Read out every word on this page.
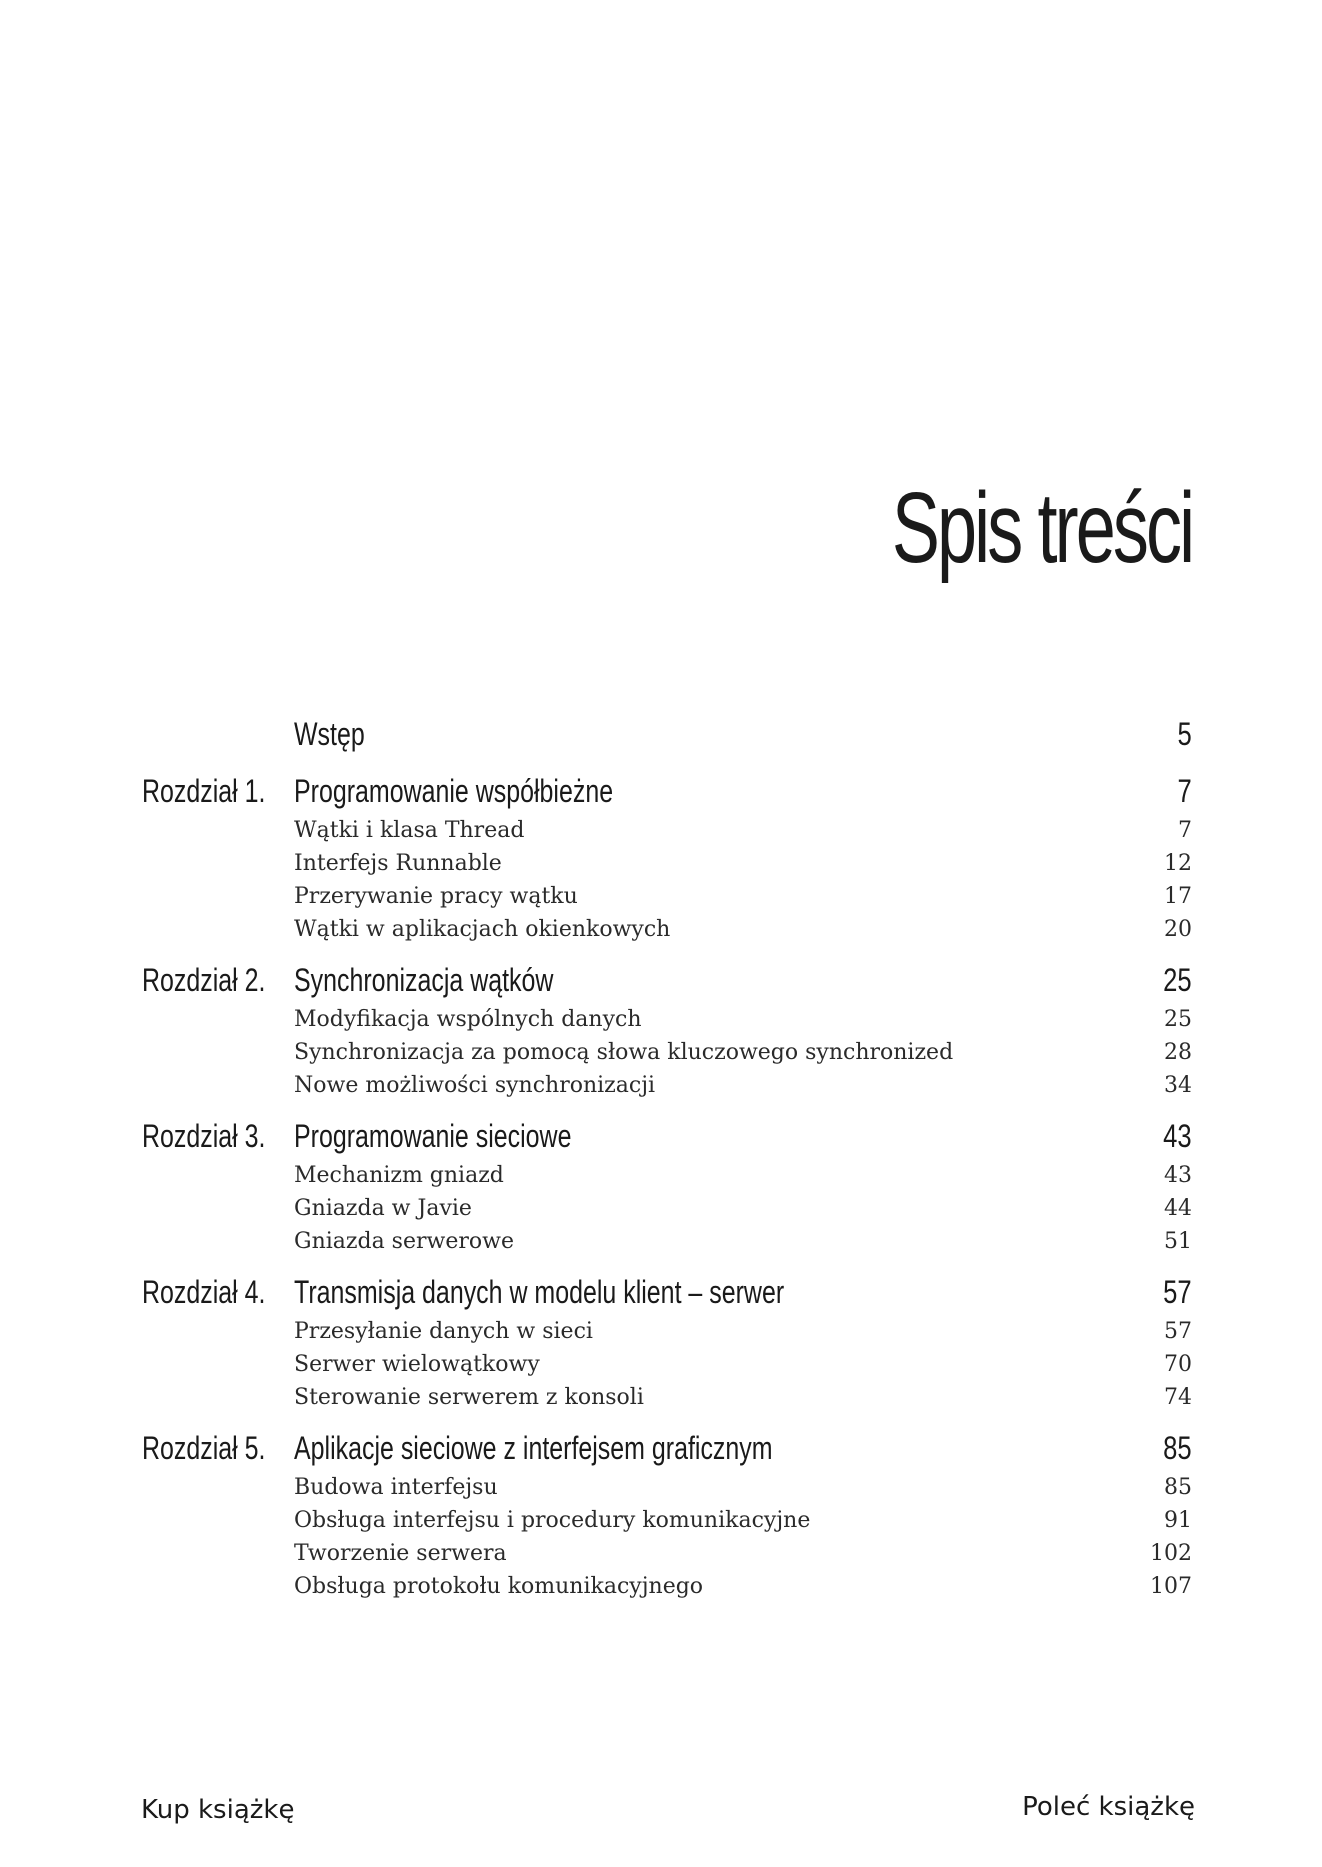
Spis treści
Wstęp	5
Rozdział 1. Programowanie współbieżne	7
Wątki i klasa Thread	7
Interfejs Runnable	12
Przerywanie pracy wątku	17
Wątki w aplikacjach okienkowych	20
Rozdział 2. Synchronizacja wątków	25
Modyfikacja wspólnych danych	25
Synchronizacja za pomocą słowa kluczowego synchronized	28
Nowe możliwości synchronizacji	34
Rozdział 3. Programowanie sieciowe	43
Mechanizm gniazd	43
Gniazda w Javie	44
Gniazda serwerowe	51
Rozdział 4. Transmisja danych w modelu klient – serwer	57
Przesyłanie danych w sieci	57
Serwer wielowątkowy	70
Sterowanie serwerem z konsoli	74
Rozdział 5. Aplikacje sieciowe z interfejsem graficznym	85
Budowa interfejsu	85
Obsługa interfejsu i procedury komunikacyjne	91
Tworzenie serwera	102
Obsługa protokołu komunikacyjnego	107
Kup książkę	Poleć książkę
